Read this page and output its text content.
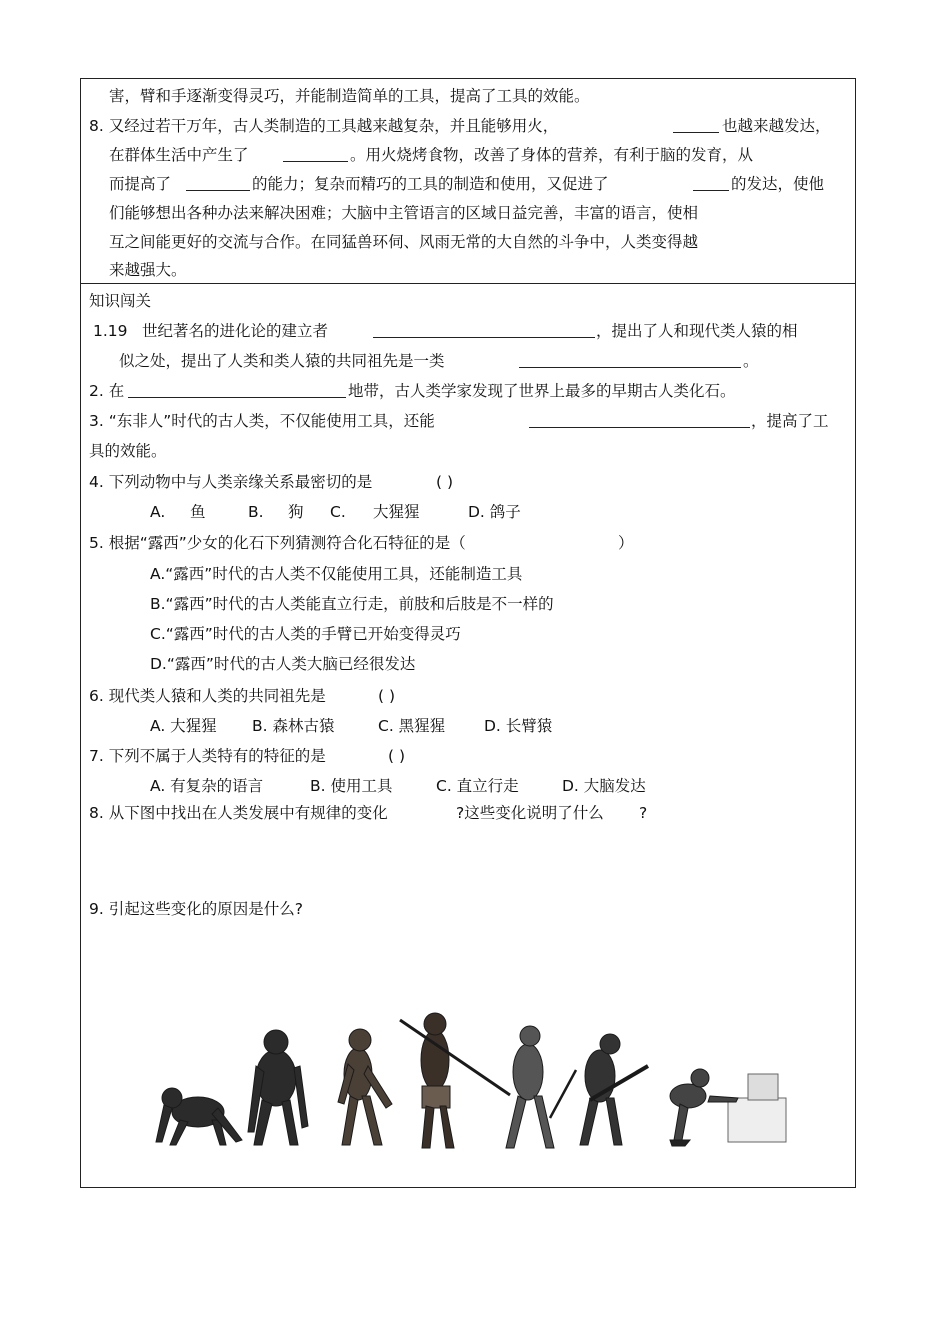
害，臂和手逐渐变得灵巧，并能制造简单的工具，提高了工具的效能。
8. 又经过若干万年，古人类制造的工具越来越复杂，并且能够用火，	也越来越发达，
在群体生活中产生了	。用火烧烤食物，改善了身体的营养，有利于脑的发育，从
而提高了	的能力；复杂而精巧的工具的制造和使用，又促进了	的发达，使他
们能够想出各种办法来解决困难；大脑中主管语言的区域日益完善，丰富的语言，使相
互之间能更好的交流与合作。在同猛兽环伺、风雨无常的大自然的斗争中，人类变得越
来越强大。
知识闯关
1.19 世纪著名的进化论的建立者	，提出了人和现代类人猿的相
似之处，提出了人类和类人猿的共同祖先是一类	。
2. 在	地带，古人类学家发现了世界上最多的早期古人类化石。
3. “东非人”时代的古人类，不仅能使用工具，还能	，提高了工
具的效能。
4. 下列动物中与人类亲缘关系最密切的是	( )
A. 鱼	B. 狗 C. 大猩猩	D. 鸽子
5. 根据“露西”少女的化石下列猜测符合化石特征的是（	）
A.“露西”时代的古人类不仅能使用工具，还能制造工具
B.“露西”时代的古人类能直立行走，前肢和后肢是不一样的
C.“露西”时代的古人类的手臂已开始变得灵巧
D.“露西”时代的古人类大脑已经很发达
6. 现代类人猿和人类的共同祖先是	( )
A. 大猩猩 B. 森林古猿	C. 黑猩猩	D. 长臂猿
7. 下列不属于人类特有的特征的是	( )
A. 有复杂的语言	B. 使用工具	C. 直立行走	D. 大脑发达
8. 从下图中找出在人类发展中有规律的变化	?这些变化说明了什么 ?
9. 引起这些变化的原因是什么?
